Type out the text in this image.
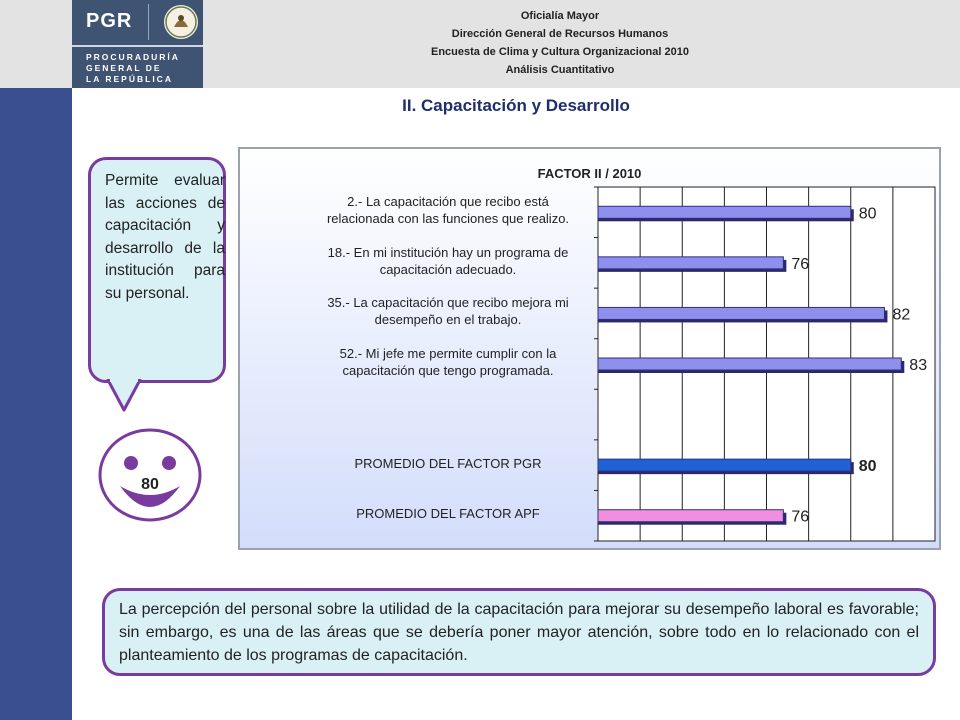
PGR
PROCURADURÍA
GENERAL DE
LA REPÚBLICA
Oficialía Mayor
Dirección General de Recursos Humanos
Encuesta de Clima y Cultura Organizacional 2010
Análisis Cuantitativo
II. Capacitación y Desarrollo
Permite evaluar las acciones de capacitación y desarrollo de la institución para su personal.
80
FACTOR II / 2010
80
76
82
83
80
76
2.- La capacitación que recibo está
relacionada con las funciones que realizo.
18.- En mi institución hay un programa de
capacitación adecuado.
35.- La capacitación que recibo mejora mi
desempeño en el trabajo.
52.- Mi jefe me permite cumplir con la
capacitación que tengo programada.
PROMEDIO DEL FACTOR PGR
PROMEDIO DEL FACTOR APF
La percepción del personal sobre la utilidad de la capacitación para mejorar su desempeño laboral es favorable; sin embargo, es una de las áreas que se debería poner mayor atención, sobre todo en lo relacionado con el planteamiento de los programas de capacitación.
